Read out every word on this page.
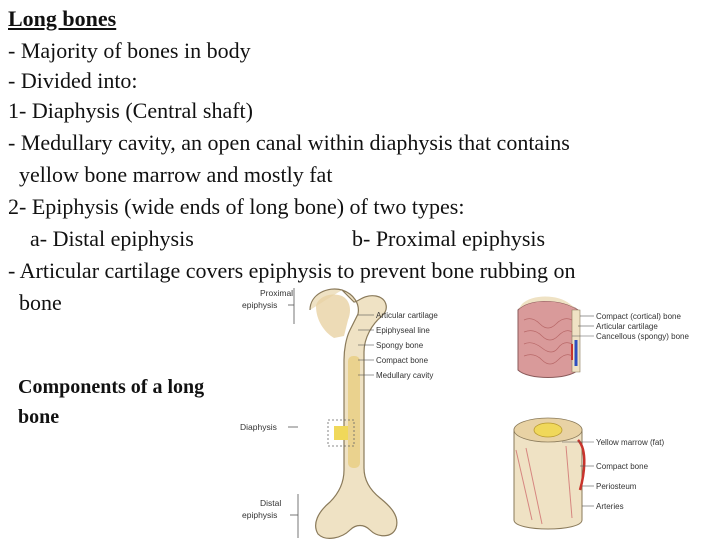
Long bones
- Majority of bones in body
- Divided into:
1- Diaphysis (Central shaft)
- Medullary cavity, an open canal within diaphysis that contains
yellow bone marrow and mostly fat
2- Epiphysis (wide ends of long bone) of two types:
a- Distal epiphysis	b- Proximal epiphysis
- Articular cartilage covers epiphysis to prevent bone rubbing on
bone
Components of a long
bone
Proximal
epiphysis
Diaphysis
Distal
epiphysis
Articular cartilage
Epiphyseal line
Spongy bone
Compact bone
Medullary cavity
Compact (cortical) bone
Articular cartilage
Cancellous (spongy) bone
Yellow marrow (fat)
Compact bone
Periosteum
Arteries
